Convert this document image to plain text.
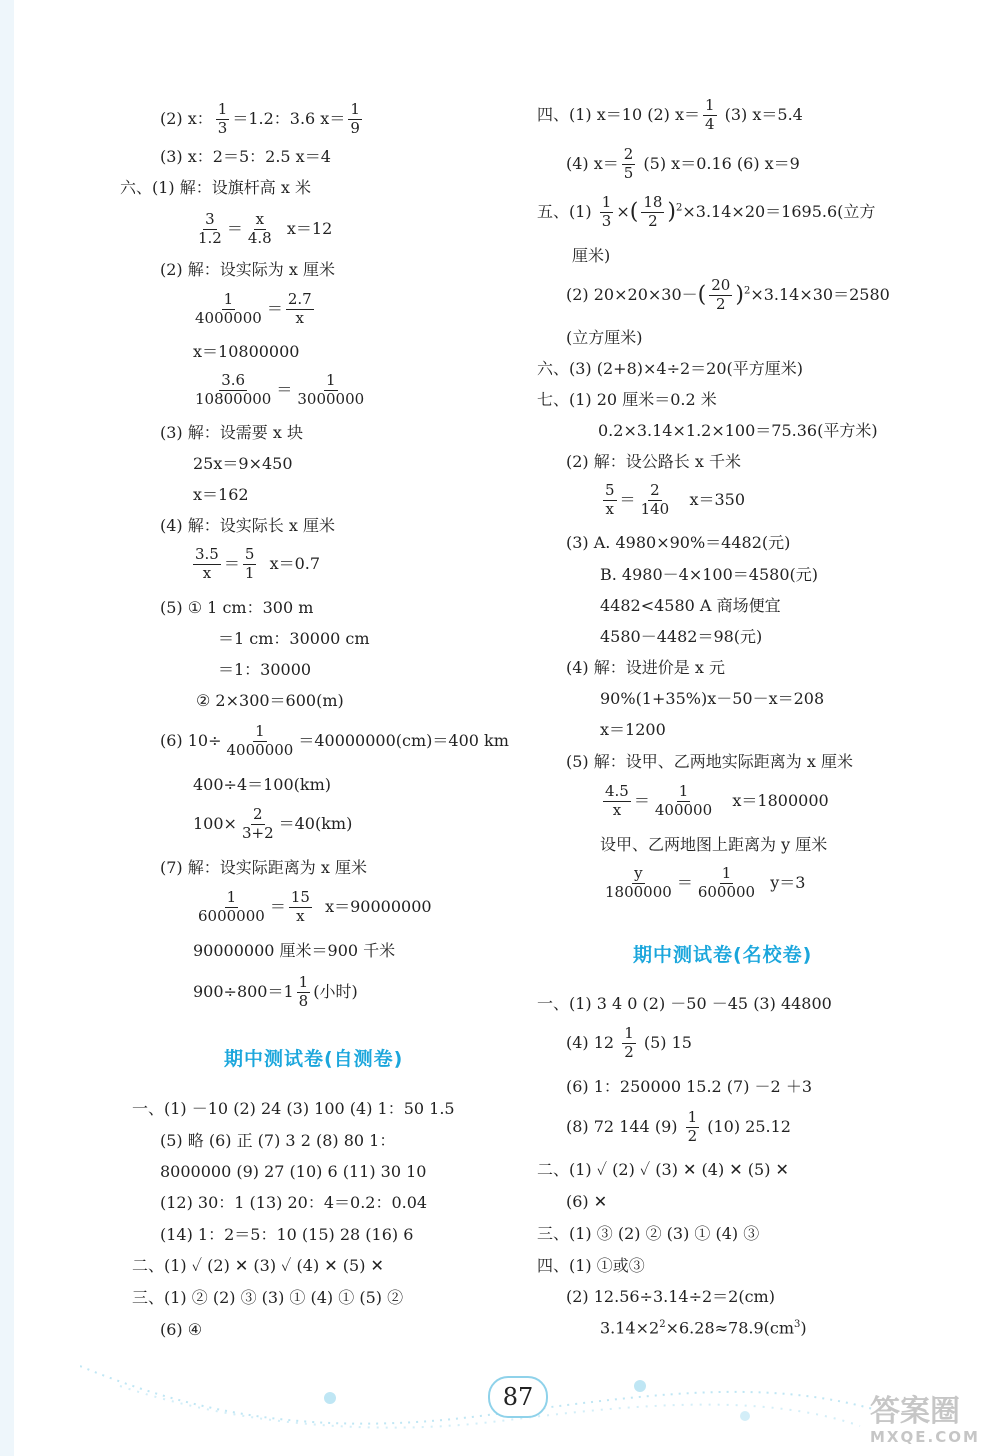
(2) x： $\frac{1}{3} =1.2$：3.6 $x= \frac{1}{9}$
(3) x：2＝5：2.5 x＝4
六、(1) 解：设旗杆高 x 米
$\frac{3}{1.2} = \frac{x}{4.8} x=12$
(2) 解：设实际为 x 厘米
$\frac{1}{4000000} = \frac{2.7}{x}$
x＝10800000
$\frac{3.6}{10800000} = \frac{1}{3000000}$
(3) 解：设需要 x 块
25x＝9×450
x＝162
(4) 解：设实际长 x 厘米
$\frac{3.5}{x} = \frac{5}{1} x=0.7$
(5) ① 1 cm：300 m
＝1 cm：30000 cm
＝1：30000
② 2×300＝600(m)
(6) $10\div \frac{1}{4000000} =40000000(cm)=400$ km
400÷4＝100(km)
$100\times \frac{2}{3+2} =40(km)$
(7) 解：设实际距离为 x 厘米
$\frac{1}{6000000} = \frac{15}{x} x=90000000$
90000000 厘米＝900 千米
$900\div 800=1 \frac{1}{8}$ (小时)
期中测试卷(自测卷)
一、(1) －10 (2) 24 (3) 100 (4) 1：50 1.5
(5) 略 (6) 正 (7) 3 2 (8) 80 1：
8000000 (9) 27 (10) 6 (11) 30 10
(12) 30：1 (13) 20：4＝0.2：0.04
(14) 1：2＝5：10 (15) 28 (16) 6
二、(1) ✓ (2) ✕ (3) ✓ (4) ✕ (5) ✕
三、(1) ② (2) ③ (3) ① (4) ① (5) ②
(6) ④
四、(1) x＝10 (2) $x= \frac{1}{4} (3)$ x＝5.4
(4) $x= \frac{2}{5} (5)$ x＝0.16 (6) x＝9
五、$(1) \frac{1}{3}$ ×( $\frac{18}{2} )^2\times 3.14\times 20=1695.6$(立方
厘米)
(2) $20\times 20\times 30-( \frac{20}{2} )^2\times 3.14\times 30=2580$
(立方厘米)
六、(3) (2+8)×4÷2＝20(平方厘米)
七、(1) 20 厘米＝0.2 米
0.2×3.14×1.2×100＝75.36(平方米)
(2) 解：设公路长 x 千米
$\frac{5}{x} = \frac{2}{140} x=350$
(3) A. 4980×90%＝4482(元)
B. 4980－4×100＝4580(元)
4482<4580 A 商场便宜
4580－4482＝98(元)
(4) 解：设进价是 x 元
90%(1+35%)x－50－x＝208
x＝1200
(5) 解：设甲、乙两地实际距离为 x 厘米
$\frac{4.5}{x} = \frac{1}{400000} x=1800000$
设甲、乙两地图上距离为 y 厘米
$\frac{y}{1800000} = \frac{1}{600000} y=3$
期中测试卷(名校卷)
一、(1) 3 4 0 (2) －50 －45 (3) 44800
(4) $12 \frac{1}{2} (5)$ 15
(6) 1：250000 15.2 (7) －2 ＋3
(8) 72 144 $(9) \frac{1}{2} (10)$ 25.12
二、(1) ✓ (2) ✓ (3) ✕ (4) ✕ (5) ✕
(6) ✕
三、(1) ③ (2) ② (3) ① (4) ③
四、(1) ①或③
(2) 12.56÷3.14÷2＝2(cm)
$3.14\times 2^2\times 6.28\approx 78.9(cm^3)$
87	答案圈
MXQE.COM
